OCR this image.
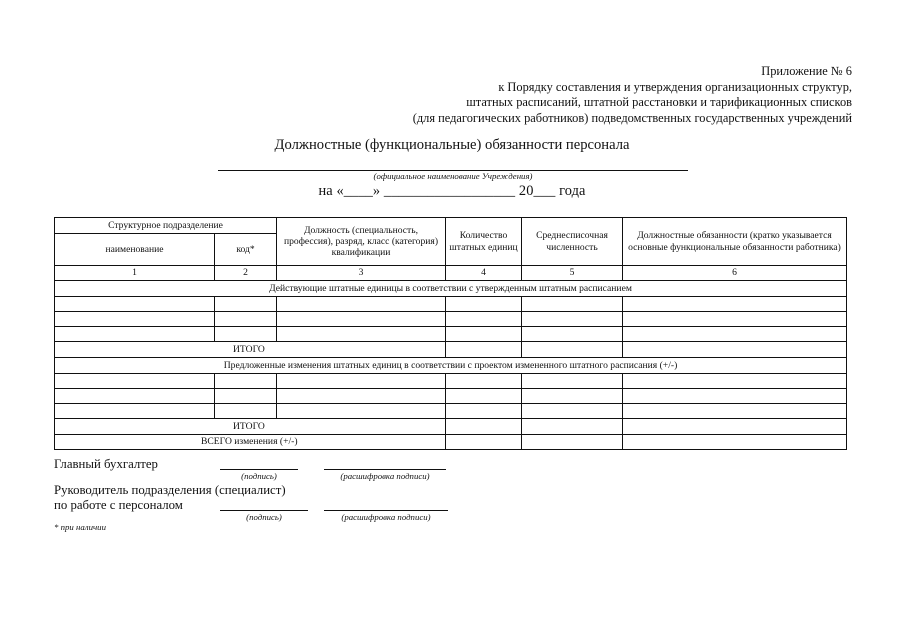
Приложение № 6
к Порядку составления и утверждения организационных структур,
штатных расписаний, штатной расстановки и тарификационных списков
(для педагогических работников) подведомственных государственных учреждений
Должностные (функциональные) обязанности персонала
(официальное наименование Учреждения)
на «____» __________________ 20___ года
Структурное подразделение		Должность (специальность, профессия), разряд, класс (категория) квалификации	Количество штатных единиц	Среднесписочная численность	Должностные обязанности (кратко указывается основные функциональные обязанности работника)
наименование	код*				
1	2	3	4	5	6
Действующие штатные единицы в соответствии с утвержденным штатным расписанием					

ИТОГО					
Предложенные изменения штатных единиц в соответствии с проектом измененного штатного расписания (+/-)					

ИТОГО					
ВСЕГО изменения (+/-)					
Главный бухгалтер
(подпись)	(расшифровка подписи)
Руководитель подразделения (специалист)
по работе с персоналом
(подпись)	(расшифровка подписи)
* при наличии
